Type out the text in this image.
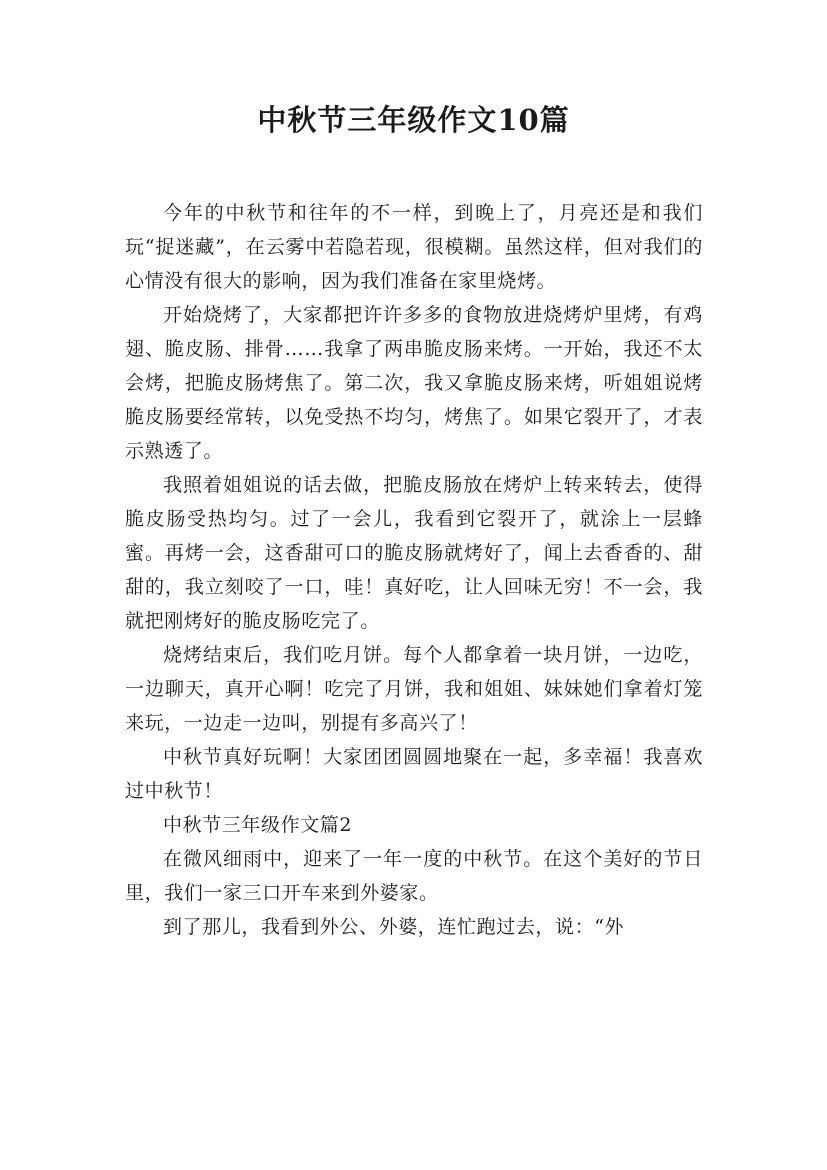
中秋节三年级作文10篇

今年的中秋节和往年的不一样，到晚上了，月亮还是和我们玩“捉迷藏”，在云雾中若隐若现，很模糊。虽然这样，但对我们的心情没有很大的影响，因为我们准备在家里烧烤。

开始烧烤了，大家都把许许多多的食物放进烧烤炉里烤，有鸡翅、脆皮肠、排骨……我拿了两串脆皮肠来烤。一开始，我还不太会烤，把脆皮肠烤焦了。第二次，我又拿脆皮肠来烤，听姐姐说烤脆皮肠要经常转，以免受热不均匀，烤焦了。如果它裂开了，才表示熟透了。

我照着姐姐说的话去做，把脆皮肠放在烤炉上转来转去，使得脆皮肠受热均匀。过了一会儿，我看到它裂开了，就涂上一层蜂蜜。再烤一会，这香甜可口的脆皮肠就烤好了，闻上去香香的、甜甜的，我立刻咬了一口，哇！真好吃，让人回味无穷！不一会，我就把刚烤好的脆皮肠吃完了。

烧烤结束后，我们吃月饼。每个人都拿着一块月饼，一边吃，一边聊天，真开心啊！吃完了月饼，我和姐姐、妹妹她们拿着灯笼来玩，一边走一边叫，别提有多高兴了！

中秋节真好玩啊！大家团团圆圆地聚在一起，多幸福！我喜欢过中秋节！

中秋节三年级作文篇2

在微风细雨中，迎来了一年一度的中秋节。在这个美好的节日里，我们一家三口开车来到外婆家。

到了那儿，我看到外公、外婆，连忙跑过去，说：“外
